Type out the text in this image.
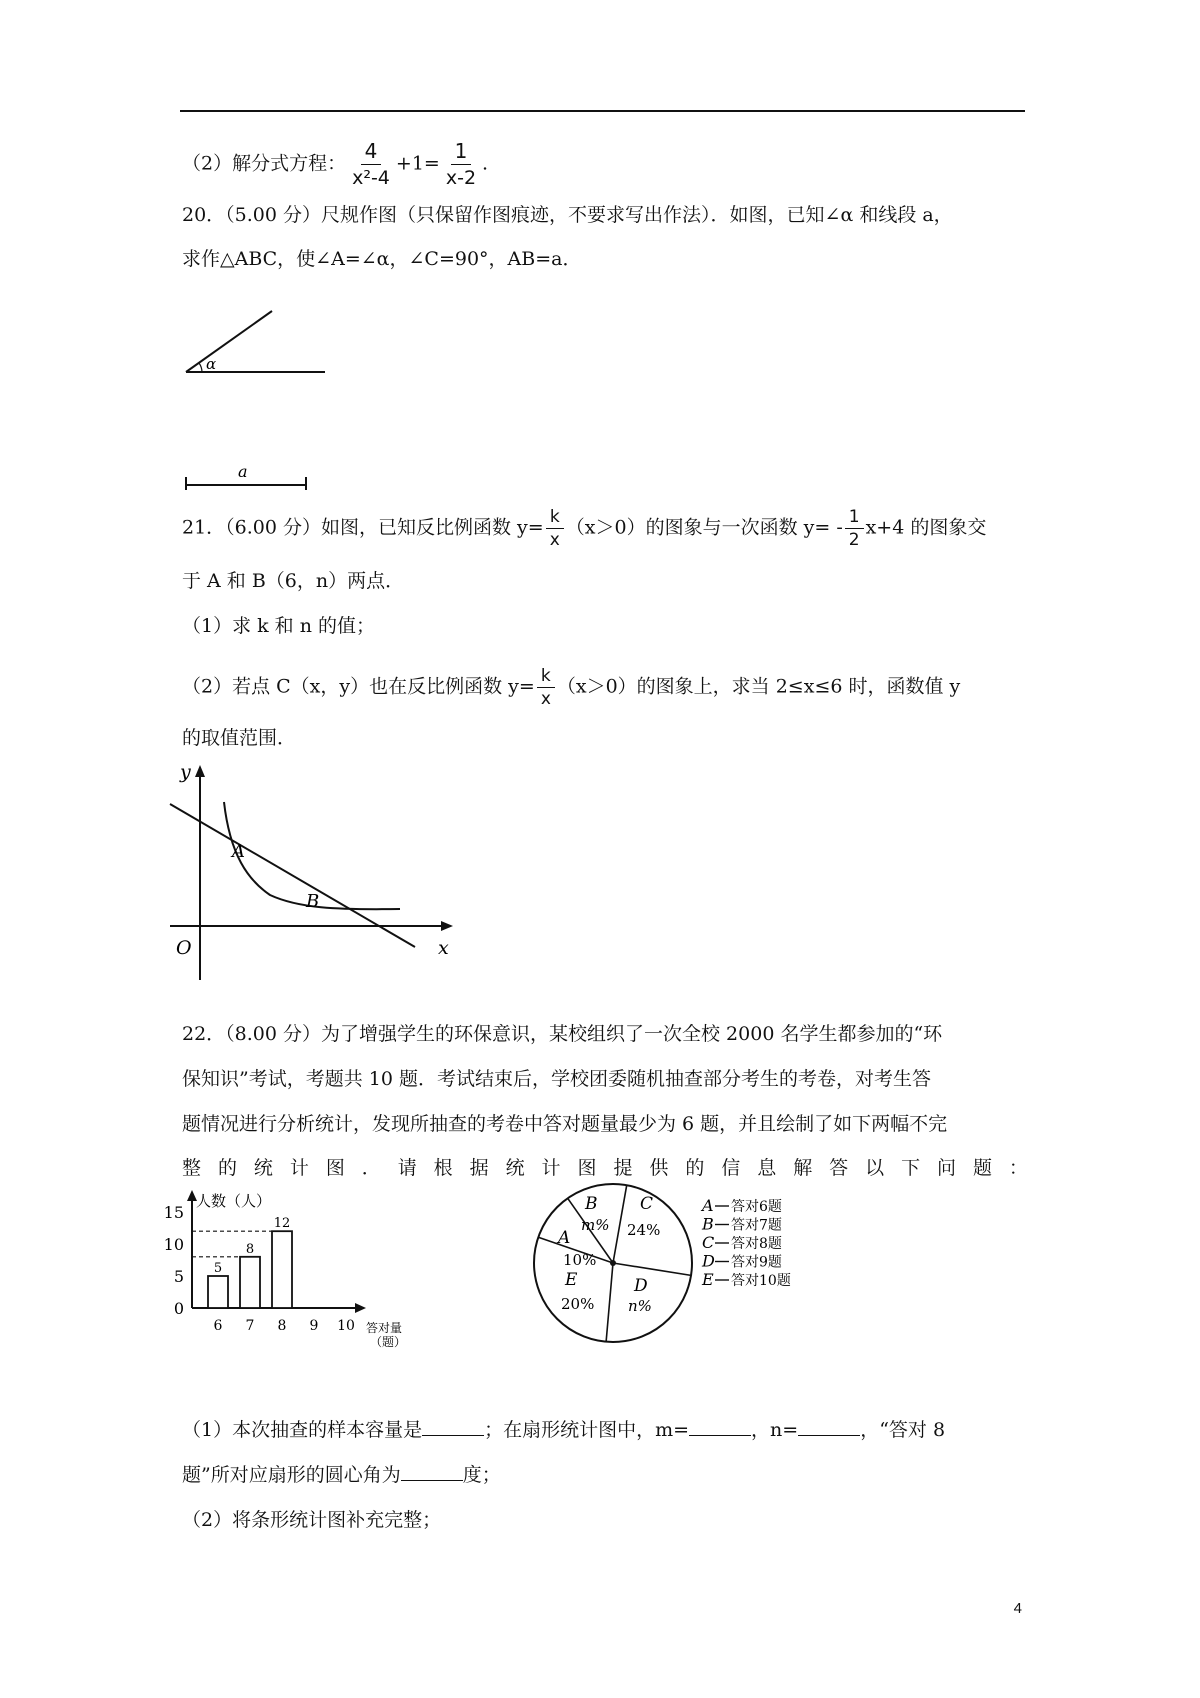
（2）解分式方程： $\frac{4}{\text{x²-4}} +1= \frac{1}{x-2}$ .
20．（5.00 分）尺规作图（只保留作图痕迹，不要求写出作法）．如图，已知∠α 和线段 a，
求作△ABC，使∠A=∠α，∠C=90°，AB=a．
α
a
21．（6.00 分）如图，已知反比例函数 $y= \frac{k}{x} (x>0)$的图象与一次函数 $y= - \frac{1}{2} x+4$ 的图象交
于 A 和 B（6，n）两点．
（1）求 k 和 n 的值；
（2）若点 C（x，y）也在反比例函数 $y= \frac{k}{x} (x>0)$的图象上，求当 2≤x≤6 时，函数值 y
的取值范围．
y
x
O
A
B
22．（8.00 分）为了增强学生的环保意识，某校组织了一次全校 2000 名学生都参加的“环
保知识”考试，考题共 10 题．考试结束后，学校团委随机抽查部分考生的考卷，对考生答
题情况进行分析统计，发现所抽查的考卷中答对题量最少为 6 题，并且绘制了如下两幅不完
整 的 统 计 图 ． 请 根 据 统 计 图 提 供 的 信 息 解 答 以 下 问 题 ：
人数（人）
答对量
（题）
0
5
10
15
6 7 8 9 10
5
8
12
A
10%
B
m%
C
24%
D
n%
E
20%
A 答对6题
B 答对7题
C 答对8题
D 答对9题
E 答对10题
（1）本次抽查的样本容量是	；在扇形统计图中，m=	，n=	，“答对 8
题”所对应扇形的圆心角为	度；
（2）将条形统计图补充完整；
4
